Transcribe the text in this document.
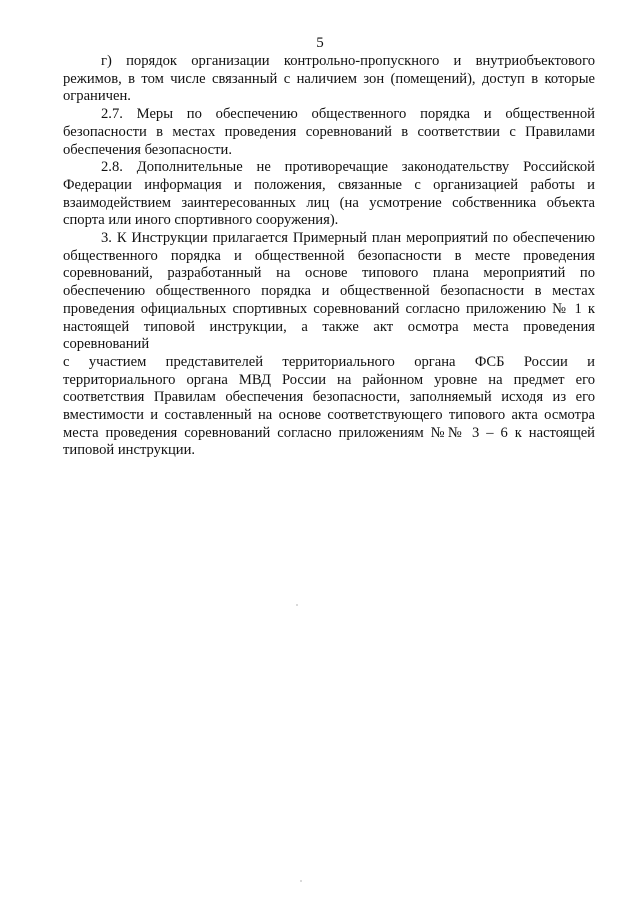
5

г) порядок организации контрольно-пропускного и внутриобъектового режимов, в том числе связанный с наличием зон (помещений), доступ в которые ограничен.

2.7. Меры по обеспечению общественного порядка и общественной безопасности в местах проведения соревнований в соответствии с Правилами обеспечения безопасности.

2.8. Дополнительные не противоречащие законодательству Российской Федерации информация и положения, связанные с организацией работы и взаимодействием заинтересованных лиц (на усмотрение собственника объекта спорта или иного спортивного сооружения).

3. К Инструкции прилагается Примерный план мероприятий по обеспечению общественного порядка и общественной безопасности в месте проведения соревнований, разработанный на основе типового плана мероприятий по обеспечению общественного порядка и общественной безопасности в местах проведения официальных спортивных соревнований согласно приложению № 1 к настоящей типовой инструкции, а также акт осмотра места проведения соревнований

с участием представителей территориального органа ФСБ России и территориального органа МВД России на районном уровне на предмет его соответствия Правилам обеспечения безопасности, заполняемый исходя из его вместимости и составленный на основе соответствующего типового акта осмотра места проведения соревнований согласно приложениям №№ 3 – 6 к настоящей типовой инструкции.
